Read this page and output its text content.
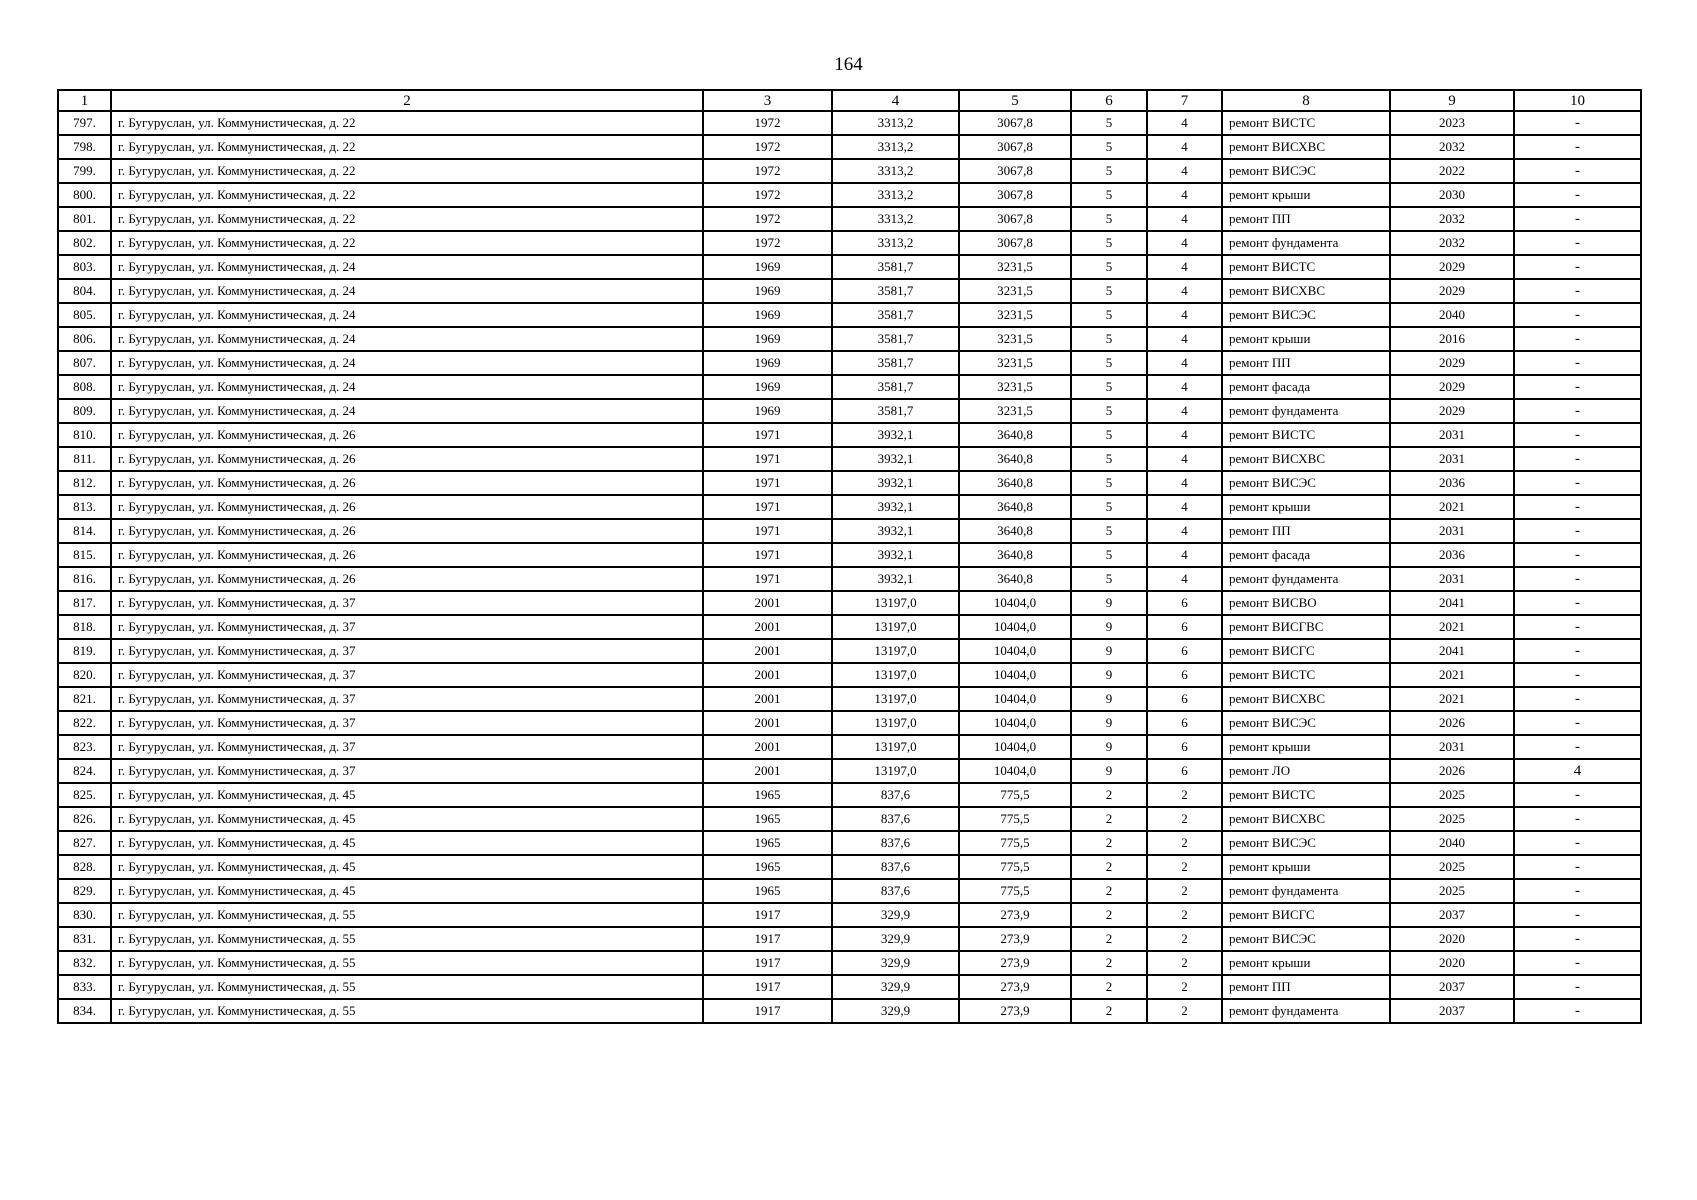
164
1	2	3	4	5	6	7	8	9	10
797.	г. Бугуруслан, ул. Коммунистическая, д. 22	1972	3313,2	3067,8	5	4	ремонт ВИСТС	2023	-
798.	г. Бугуруслан, ул. Коммунистическая, д. 22	1972	3313,2	3067,8	5	4	ремонт ВИСХВС	2032	-
799.	г. Бугуруслан, ул. Коммунистическая, д. 22	1972	3313,2	3067,8	5	4	ремонт ВИСЭС	2022	-
800.	г. Бугуруслан, ул. Коммунистическая, д. 22	1972	3313,2	3067,8	5	4	ремонт крыши	2030	-
801.	г. Бугуруслан, ул. Коммунистическая, д. 22	1972	3313,2	3067,8	5	4	ремонт ПП	2032	-
802.	г. Бугуруслан, ул. Коммунистическая, д. 22	1972	3313,2	3067,8	5	4	ремонт фундамента	2032	-
803.	г. Бугуруслан, ул. Коммунистическая, д. 24	1969	3581,7	3231,5	5	4	ремонт ВИСТС	2029	-
804.	г. Бугуруслан, ул. Коммунистическая, д. 24	1969	3581,7	3231,5	5	4	ремонт ВИСХВС	2029	-
805.	г. Бугуруслан, ул. Коммунистическая, д. 24	1969	3581,7	3231,5	5	4	ремонт ВИСЭС	2040	-
806.	г. Бугуруслан, ул. Коммунистическая, д. 24	1969	3581,7	3231,5	5	4	ремонт крыши	2016	-
807.	г. Бугуруслан, ул. Коммунистическая, д. 24	1969	3581,7	3231,5	5	4	ремонт ПП	2029	-
808.	г. Бугуруслан, ул. Коммунистическая, д. 24	1969	3581,7	3231,5	5	4	ремонт фасада	2029	-
809.	г. Бугуруслан, ул. Коммунистическая, д. 24	1969	3581,7	3231,5	5	4	ремонт фундамента	2029	-
810.	г. Бугуруслан, ул. Коммунистическая, д. 26	1971	3932,1	3640,8	5	4	ремонт ВИСТС	2031	-
811.	г. Бугуруслан, ул. Коммунистическая, д. 26	1971	3932,1	3640,8	5	4	ремонт ВИСХВС	2031	-
812.	г. Бугуруслан, ул. Коммунистическая, д. 26	1971	3932,1	3640,8	5	4	ремонт ВИСЭС	2036	-
813.	г. Бугуруслан, ул. Коммунистическая, д. 26	1971	3932,1	3640,8	5	4	ремонт крыши	2021	-
814.	г. Бугуруслан, ул. Коммунистическая, д. 26	1971	3932,1	3640,8	5	4	ремонт ПП	2031	-
815.	г. Бугуруслан, ул. Коммунистическая, д. 26	1971	3932,1	3640,8	5	4	ремонт фасада	2036	-
816.	г. Бугуруслан, ул. Коммунистическая, д. 26	1971	3932,1	3640,8	5	4	ремонт фундамента	2031	-
817.	г. Бугуруслан, ул. Коммунистическая, д. 37	2001	13197,0	10404,0	9	6	ремонт ВИСВО	2041	-
818.	г. Бугуруслан, ул. Коммунистическая, д. 37	2001	13197,0	10404,0	9	6	ремонт ВИСГВС	2021	-
819.	г. Бугуруслан, ул. Коммунистическая, д. 37	2001	13197,0	10404,0	9	6	ремонт ВИСГС	2041	-
820.	г. Бугуруслан, ул. Коммунистическая, д. 37	2001	13197,0	10404,0	9	6	ремонт ВИСТС	2021	-
821.	г. Бугуруслан, ул. Коммунистическая, д. 37	2001	13197,0	10404,0	9	6	ремонт ВИСХВС	2021	-
822.	г. Бугуруслан, ул. Коммунистическая, д. 37	2001	13197,0	10404,0	9	6	ремонт ВИСЭС	2026	-
823.	г. Бугуруслан, ул. Коммунистическая, д. 37	2001	13197,0	10404,0	9	6	ремонт крыши	2031	-
824.	г. Бугуруслан, ул. Коммунистическая, д. 37	2001	13197,0	10404,0	9	6	ремонт ЛО	2026	4
825.	г. Бугуруслан, ул. Коммунистическая, д. 45	1965	837,6	775,5	2	2	ремонт ВИСТС	2025	-
826.	г. Бугуруслан, ул. Коммунистическая, д. 45	1965	837,6	775,5	2	2	ремонт ВИСХВС	2025	-
827.	г. Бугуруслан, ул. Коммунистическая, д. 45	1965	837,6	775,5	2	2	ремонт ВИСЭС	2040	-
828.	г. Бугуруслан, ул. Коммунистическая, д. 45	1965	837,6	775,5	2	2	ремонт крыши	2025	-
829.	г. Бугуруслан, ул. Коммунистическая, д. 45	1965	837,6	775,5	2	2	ремонт фундамента	2025	-
830.	г. Бугуруслан, ул. Коммунистическая, д. 55	1917	329,9	273,9	2	2	ремонт ВИСГС	2037	-
831.	г. Бугуруслан, ул. Коммунистическая, д. 55	1917	329,9	273,9	2	2	ремонт ВИСЭС	2020	-
832.	г. Бугуруслан, ул. Коммунистическая, д. 55	1917	329,9	273,9	2	2	ремонт крыши	2020	-
833.	г. Бугуруслан, ул. Коммунистическая, д. 55	1917	329,9	273,9	2	2	ремонт ПП	2037	-
834.	г. Бугуруслан, ул. Коммунистическая, д. 55	1917	329,9	273,9	2	2	ремонт фундамента	2037	-
